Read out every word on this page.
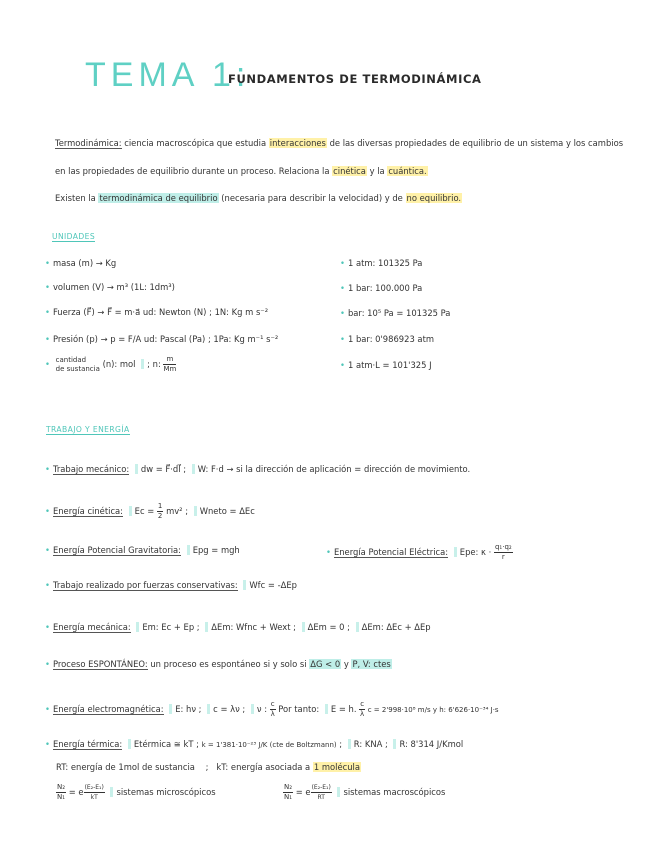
TEMA 1:
FUNDAMENTOS DE TERMODINÁMICA
Termodinámica: ciencia macroscópica que estudia interacciones de las diversas propiedades de equilibrio de un sistema y los cambios
en las propiedades de equilibrio durante un proceso. Relaciona la cinética y la cuántica.
Existen la termodinámica de equilibrio (necesaria para describir la velocidad) y de no equilibrio.
UNIDADES
• masa (m) → Kg
• volumen (V) → m³ (1L: 1dm³)
• Fuerza (F⃗) → F⃗ = m·a⃗ ud: Newton (N) ; 1N: Kg m s⁻²
• Presión (p) → p = F/A ud: Pascal (Pa) ; 1Pa: Kg m⁻¹ s⁻²
• cantidad
de sustancia (n): mol ; n: $\frac{m}{Mm}$
• 1 atm: 101325 Pa
• 1 bar: 100.000 Pa
• bar: 10⁵ Pa = 101325 Pa
• 1 bar: 0'986923 atm
• 1 atm·L = 101'325 J
TRABAJO Y ENERGÍA
• Trabajo mecánico: dw = F⃗·dl⃗ ; W: F·d → si la dirección de aplicación = dirección de movimiento.
• Energía cinética: $Ec = \frac{1}{2} mv^2$ ; Wneto = ΔEc
• Energía Potencial Gravitatoria: Epg = mgh	• Energía Potencial Eléctrica: Epe: $\kappa \cdot \frac{\text{q₁·q₂}}{r}$
• Trabajo realizado por fuerzas conservativas: Wfc = -ΔEp
• Energía mecánica: Em: Ec + Ep ; ΔEm: Wfnc + Wext ; ΔEm = 0 ; ΔEm: ΔEc + ΔEp
• Proceso ESPONTÁNEO: un proceso es espontáneo si y solo si ΔG < 0 y P, V: ctes
• Energía electromagnética: E: hν ; c = λν ; ν : $\frac{c}{\lambda}$ Por tanto: E = h. $\frac{c}{\lambda}$ c = 2'998·10⁸ m/s y h: 6'626·10⁻³⁴ J·s
• Energía térmica: Etérmica ≅ kT ; k = 1'381·10⁻²³ J/K (cte de Boltzmann) ; R: KNA ; R: 8'314 J/Kmol
RT: energía de 1mol de sustancia    ;   kT: energía asociada a 1 molécula
$\frac{\text{N₂}}{\text{N₁}} = e$ $^{\frac{\text{(E₂-E₁)}}{kT}}$ sistemas microscópicos	$\frac{\text{N₂}}{\text{N₁}} = e$ $^{\frac{\text{(E₂-E₁)}}{RT}}$ sistemas macroscópicos
